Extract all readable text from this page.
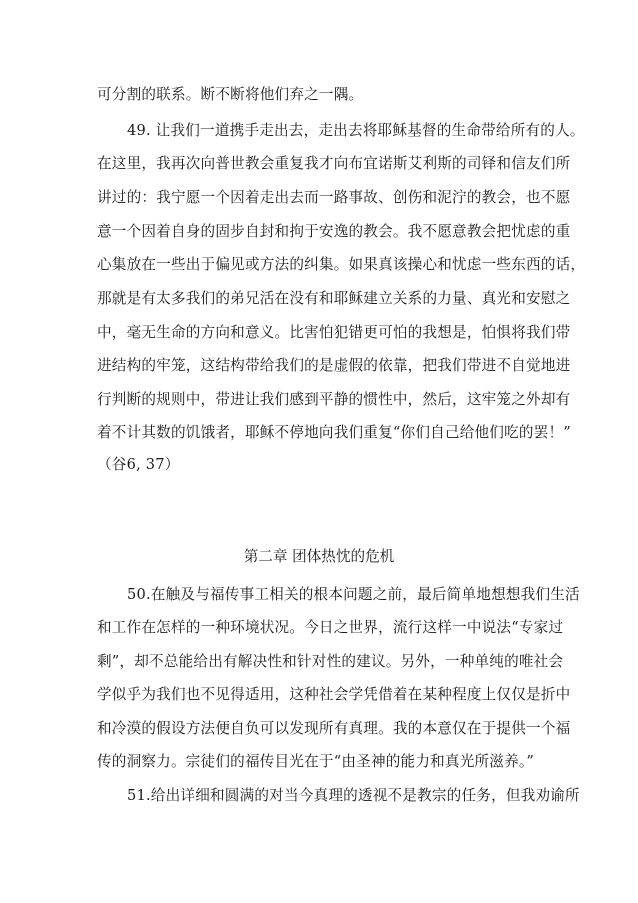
可分割的联系。断不断将他们弃之一隅。
49. 让我们一道携手走出去，走出去将耶稣基督的生命带给所有的人。
在这里，我再次向普世教会重复我才向布宜诺斯艾利斯的司铎和信友们所
讲过的：我宁愿一个因着走出去而一路事故、创伤和泥泞的教会，也不愿
意一个因着自身的固步自封和拘于安逸的教会。我不愿意教会把忧虑的重
心集放在一些出于偏见或方法的纠集。如果真该操心和忧虑一些东西的话，
那就是有太多我们的弟兄活在没有和耶稣建立关系的力量、真光和安慰之
中，毫无生命的方向和意义。比害怕犯错更可怕的我想是，怕惧将我们带
进结构的牢笼，这结构带给我们的是虚假的依靠，把我们带进不自觉地进
行判断的规则中，带进让我们感到平静的惯性中，然后，这牢笼之外却有
着不计其数的饥饿者，耶稣不停地向我们重复“你们自己给他们吃的罢！”
（谷6, 37）
第二章 团体热忱的危机
50.在触及与福传事工相关的根本问题之前，最后简单地想想我们生活
和工作在怎样的一种环境状况。今日之世界，流行这样一中说法“专家过
剩”，却不总能给出有解决性和针对性的建议。另外，一种单纯的唯社会
学似乎为我们也不见得适用，这种社会学凭借着在某种程度上仅仅是折中
和冷漠的假设方法便自负可以发现所有真理。我的本意仅在于提供一个福
传的洞察力。宗徒们的福传目光在于“由圣神的能力和真光所滋养。”
51.给出详细和圆满的对当今真理的透视不是教宗的任务，但我劝谕所
